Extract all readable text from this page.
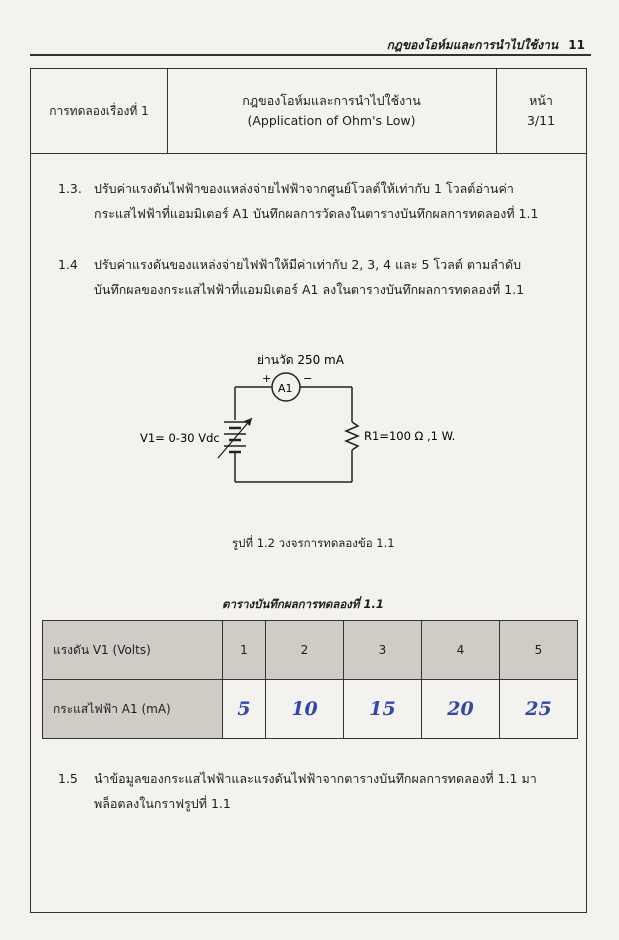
กฎของโอห์มและการนำไปใช้งาน 11
การทดลองเรื่องที่ 1
กฎของโอห์มและการนำไปใช้งาน
(Application of Ohm's Low)
หน้า
3/11
1.3. ปรับค่าแรงดันไฟฟ้าของแหล่งจ่ายไฟฟ้าจากศูนย์โวลต์ให้เท่ากับ 1 โวลต์อ่านค่ากระแสไฟฟ้าที่แอมมิเตอร์ A1 บันทึกผลการวัดลงในตารางบันทึกผลการทดลองที่ 1.1
1.4 ปรับค่าแรงดันของแหล่งจ่ายไฟฟ้าให้มีค่าเท่ากับ 2, 3, 4 และ 5 โวลต์ ตามลำดับ บันทึกผลของกระแสไฟฟ้าที่แอมมิเตอร์ A1 ลงในตารางบันทึกผลการทดลองที่ 1.1
ย่านวัด 250 mA
A1
+	−
V1= 0-30 Vdc	R1=100 Ω ,1 W.
รูปที่ 1.2 วงจรการทดลองข้อ 1.1
ตารางบันทึกผลการทดลองที่ 1.1
แรงดัน V1 (Volts)	1	2	3	4	5
กระแสไฟฟ้า A1 (mA)	5	10	15	20	25
1.5 นำข้อมูลของกระแสไฟฟ้าและแรงดันไฟฟ้าจากตารางบันทึกผลการทดลองที่ 1.1 มาพล็อตลงในกราฟรูปที่ 1.1
